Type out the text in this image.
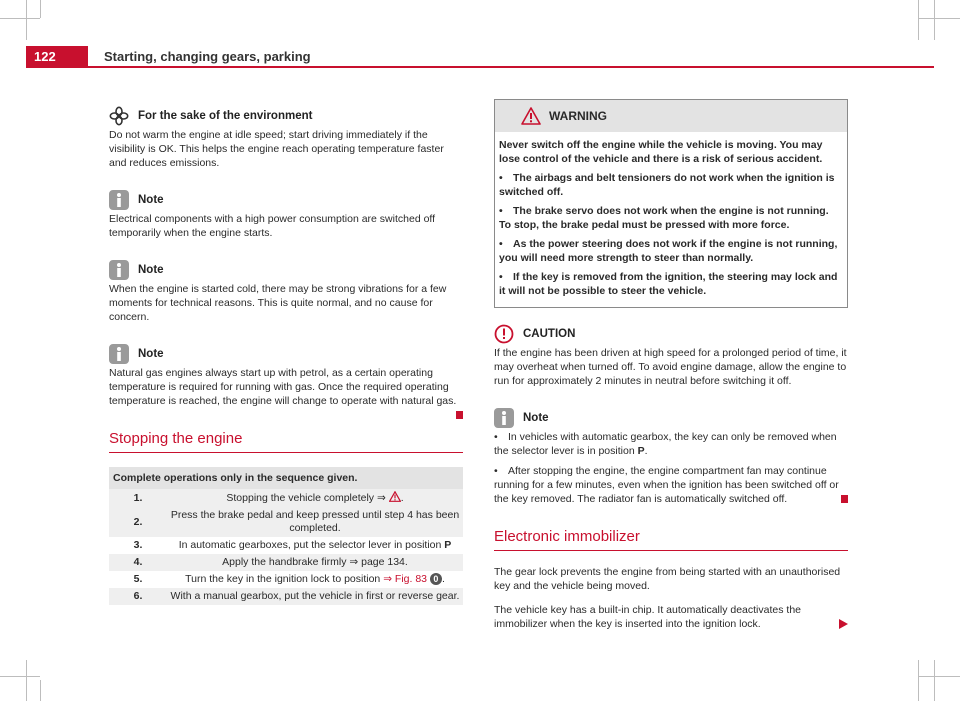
122	Starting, changing gears, parking
For the sake of the environment

Do not warm the engine at idle speed; start driving immediately if the visibility is OK. This helps the engine reach operating temperature faster and reduces emissions.

Note

Electrical components with a high power consumption are switched off temporarily when the engine starts.

Note

When the engine is started cold, there may be strong vibrations for a few moments for technical reasons. This is quite normal, and no cause for concern.

Note

Natural gas engines always start up with petrol, as a certain operating temperature is required for running with gas. Once the required operating temperature is reached, the engine will change to operate with natural gas.

Stopping the engine
Complete operations only in the sequence given.	
1.	Stopping the vehicle completely ⇒ .
2.	Press the brake pedal and keep pressed until step 4 has been completed.
3.	In automatic gearboxes, put the selector lever in position P
4.	Apply the handbrake firmly ⇒ page 134.
5.	Turn the key in the ignition lock to position ⇒ Fig. 83 0 .
6.	With a manual gearbox, put the vehicle in first or reverse gear.
WARNING

Never switch off the engine while the vehicle is moving. You may lose control of the vehicle and there is a risk of serious accident.

• The airbags and belt tensioners do not work when the ignition is switched off.

• The brake servo does not work when the engine is not running. To stop, the brake pedal must be pressed with more force.

• As the power steering does not work if the engine is not running, you will need more strength to steer than normally.

• If the key is removed from the ignition, the steering may lock and it will not be possible to steer the vehicle.

CAUTION

If the engine has been driven at high speed for a prolonged period of time, it may overheat when turned off. To avoid engine damage, allow the engine to run for approximately 2 minutes in neutral before switching it off.

Note

• In vehicles with automatic gearbox, the key can only be removed when the selector lever is in position P.

• After stopping the engine, the engine compartment fan may continue running for a few minutes, even when the ignition has been switched off or the key removed. The radiator fan is automatically switched off.

Electronic immobilizer

The gear lock prevents the engine from being started with an unauthorised key and the vehicle being moved.

The vehicle key has a built-in chip. It automatically deactivates the immobilizer when the key is inserted into the ignition lock.
